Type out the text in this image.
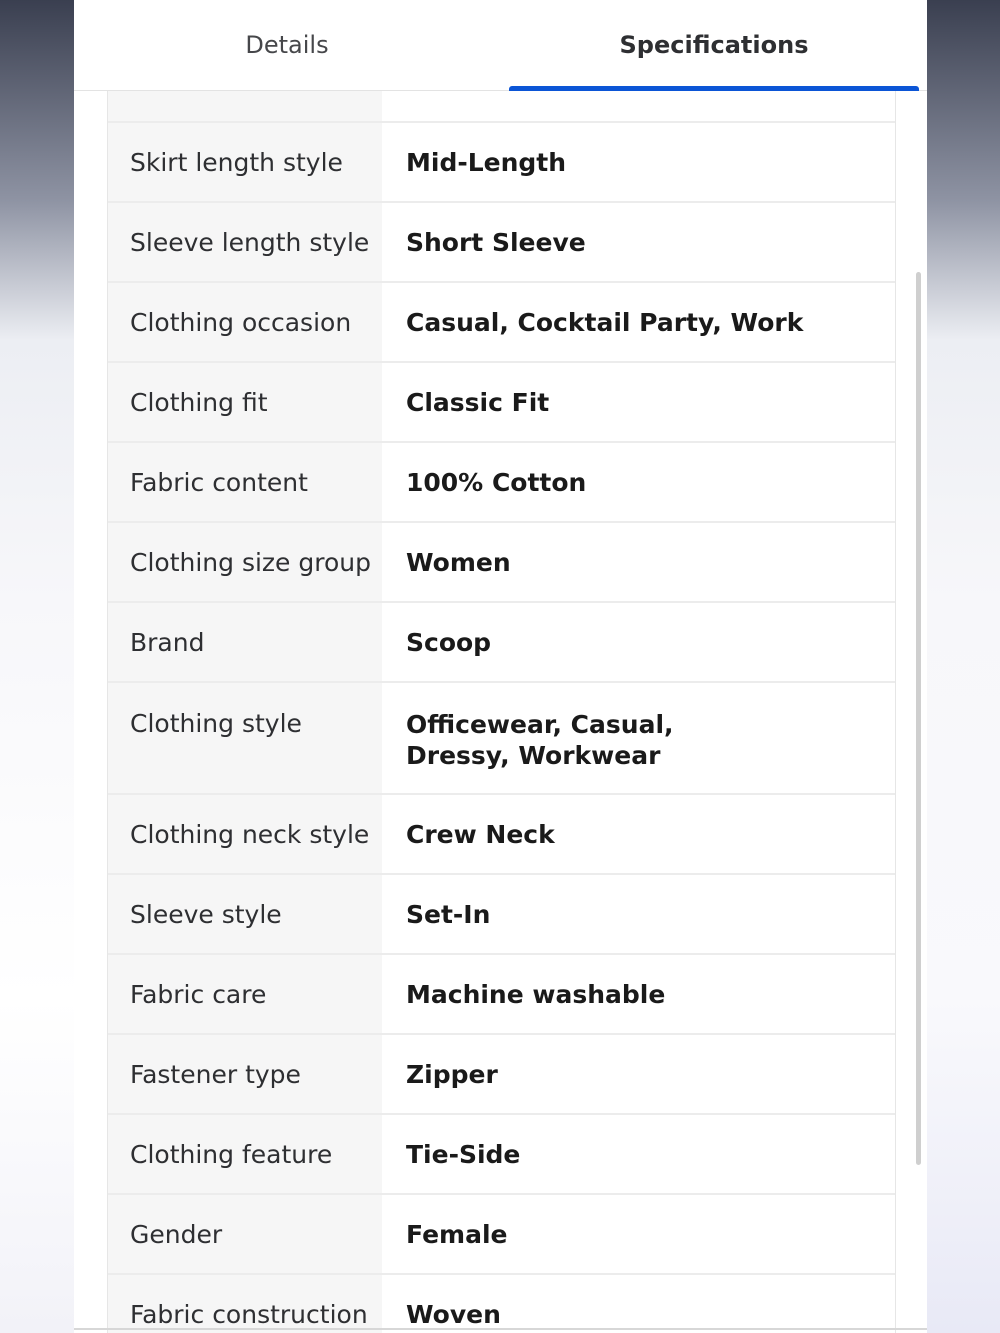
Skirt length style	Mid-Length
Sleeve length style	Short Sleeve
Clothing occasion	Casual, Cocktail Party, Work
Clothing fit	Classic Fit
Fabric content	100% Cotton
Clothing size group	Women
Brand	Scoop
Clothing style	Officewear, Casual,
Dressy, Workwear
Clothing neck style	Crew Neck
Sleeve style	Set-In
Fabric care	Machine washable
Fastener type	Zipper
Clothing feature	Tie-Side
Gender	Female
Fabric construction	Woven
Details	Specifications
